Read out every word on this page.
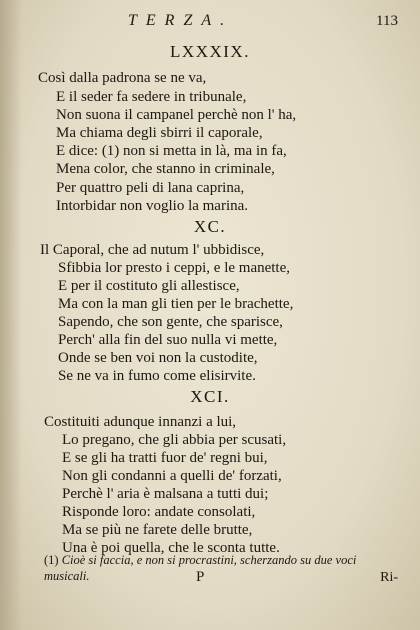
TERZA.	113
LXXXIX.
Così dalla padrona se ne va,
E il seder fa sedere in tribunale,
Non suona il campanel perchè non l' ha,
Ma chiama degli sbirri il caporale,
E dice: (1) non si metta in là, ma in fa,
Mena color, che stanno in criminale,
Per quattro peli di lana caprina,
Intorbidar non voglio la marina.
XC.
Il Caporal, che ad nutum l' ubbidisce,
Sfibbia lor presto i ceppi, e le manette,
E per il costituto gli allestisce,
Ma con la man gli tien per le brachette,
Sapendo, che son gente, che sparisce,
Perch' alla fin del suo nulla vi mette,
Onde se ben voi non la custodite,
Se ne va in fumo come elisirvite.
XCI.
Costituiti adunque innanzi a lui,
Lo pregano, che gli abbia per scusati,
E se gli ha tratti fuor de' regni bui,
Non gli condanni a quelli de' forzati,
Perchè l' aria è malsana a tutti dui;
Risponde loro: andate consolati,
Ma se più ne farete delle brutte,
Una è poi quella, che le sconta tutte.
(1) Cioè si faccia, e non si procrastini, scherzando su due voci musicali.	P	Ri-
